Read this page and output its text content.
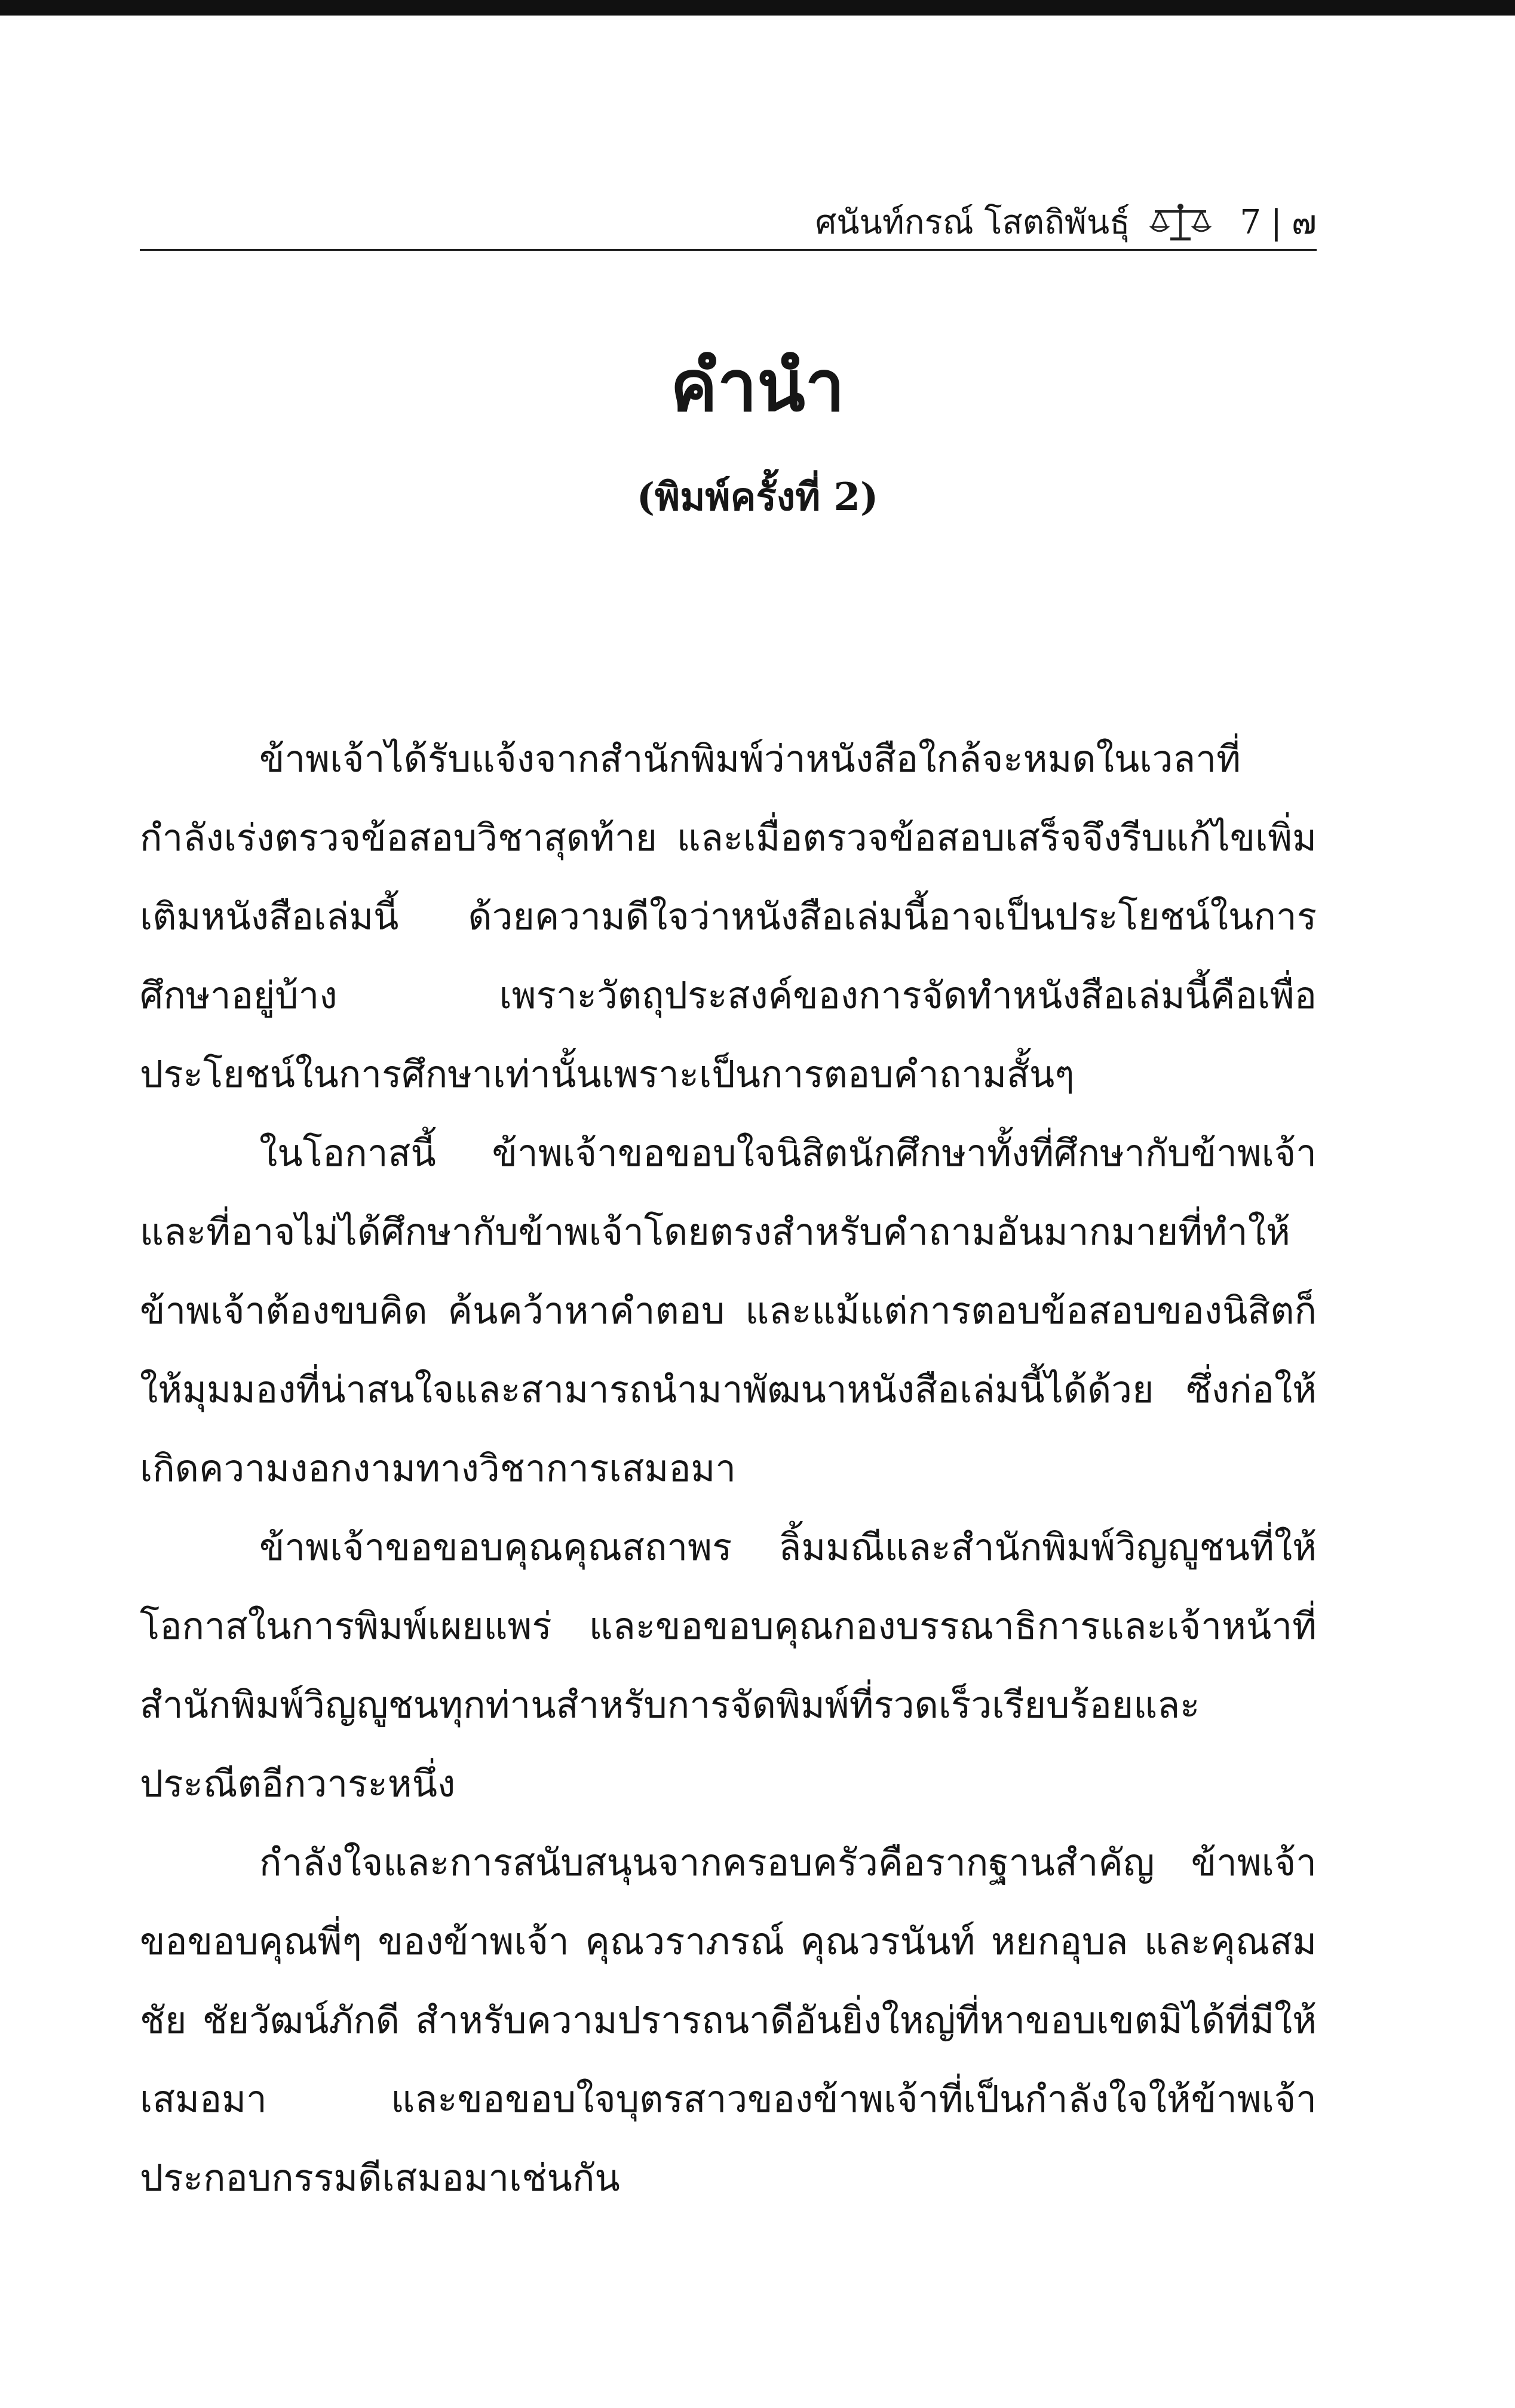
ศนันท์กรณ์ โสตถิพันธุ์	7 | ๗
คำนำ
(พิมพ์ครั้งที่ 2)

ข้าพเจ้าได้รับแจ้งจากสำนักพิมพ์ว่าหนังสือใกล้จะหมดในเวลาที่กำลังเร่งตรวจข้อสอบวิชาสุดท้าย และเมื่อตรวจข้อสอบเสร็จจึงรีบแก้ไขเพิ่มเติมหนังสือเล่มนี้ ด้วยความดีใจว่าหนังสือเล่มนี้อาจเป็นประโยชน์ในการศึกษาอยู่บ้าง เพราะวัตถุประสงค์ของการจัดทำหนังสือเล่มนี้คือเพื่อประโยชน์ในการศึกษาเท่านั้นเพราะเป็นการตอบคำถามสั้นๆ

ในโอกาสนี้ ข้าพเจ้าขอขอบใจนิสิตนักศึกษาทั้งที่ศึกษากับข้าพเจ้าและที่อาจไม่ได้ศึกษากับข้าพเจ้าโดยตรงสำหรับคำถามอันมากมายที่ทำให้ข้าพเจ้าต้องขบคิด ค้นคว้าหาคำตอบ และแม้แต่การตอบข้อสอบของนิสิตก็ให้มุมมองที่น่าสนใจและสามารถนำมาพัฒนาหนังสือเล่มนี้ได้ด้วย ซึ่งก่อให้เกิดความงอกงามทางวิชาการเสมอมา

ข้าพเจ้าขอขอบคุณคุณสถาพร ลิ้มมณีและสำนักพิมพ์วิญญูชนที่ให้โอกาสในการพิมพ์เผยแพร่ และขอขอบคุณกองบรรณาธิการและเจ้าหน้าที่สำนักพิมพ์วิญญูชนทุกท่านสำหรับการจัดพิมพ์ที่รวดเร็วเรียบร้อยและประณีตอีกวาระหนึ่ง

กำลังใจและการสนับสนุนจากครอบครัวคือรากฐานสำคัญ ข้าพเจ้าขอขอบคุณพี่ๆ ของข้าพเจ้า คุณวราภรณ์ คุณวรนันท์ หยกอุบล และคุณสมชัย ชัยวัฒน์ภักดี สำหรับความปรารถนาดีอันยิ่งใหญ่ที่หาขอบเขตมิได้ที่มีให้เสมอมา และขอขอบใจบุตรสาวของข้าพเจ้าที่เป็นกำลังใจให้ข้าพเจ้าประกอบกรรมดีเสมอมาเช่นกัน
